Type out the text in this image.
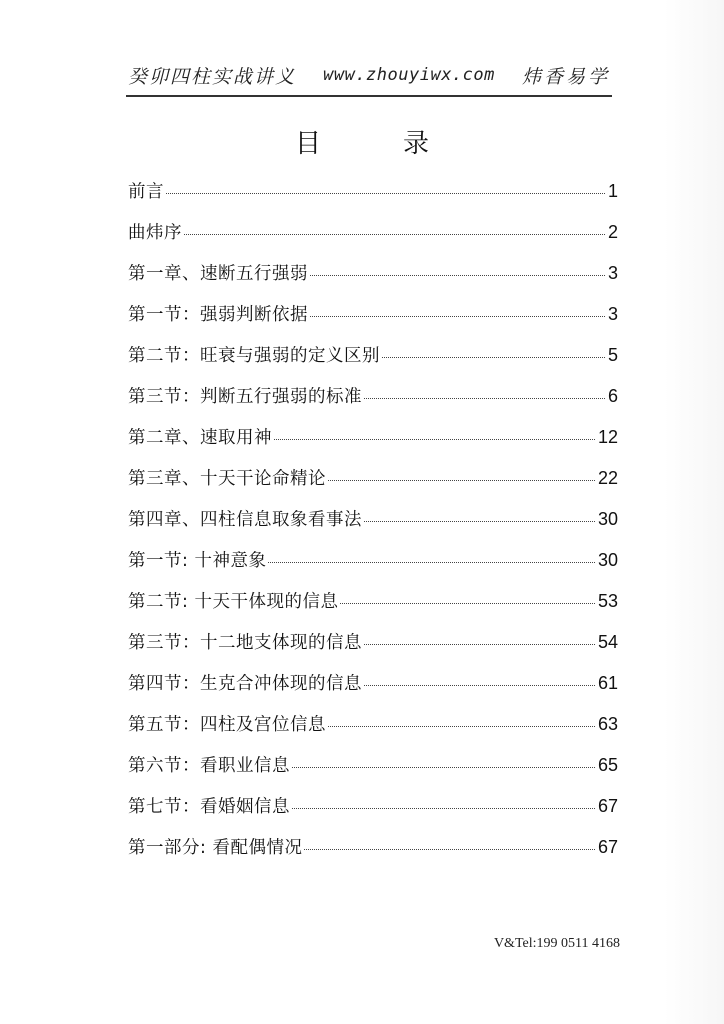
癸卯四柱实战讲义 www.zhouyiwx.com 炜香易学
目　录
前言	1
曲炜序	2
第一章、速断五行强弱	3
第一节：强弱判断依据	3
第二节：旺衰与强弱的定义区别	5
第三节：判断五行强弱的标准	6
第二章、速取用神	12
第三章、十天干论命精论	22
第四章、四柱信息取象看事法	30
第一节: 十神意象	30
第二节: 十天干体现的信息	53
第三节：十二地支体现的信息	54
第四节：生克合冲体现的信息	61
第五节：四柱及宫位信息	63
第六节：看职业信息	65
第七节：看婚姻信息	67
第一部分: 看配偶情况	67
V&Tel:199 0511 4168
